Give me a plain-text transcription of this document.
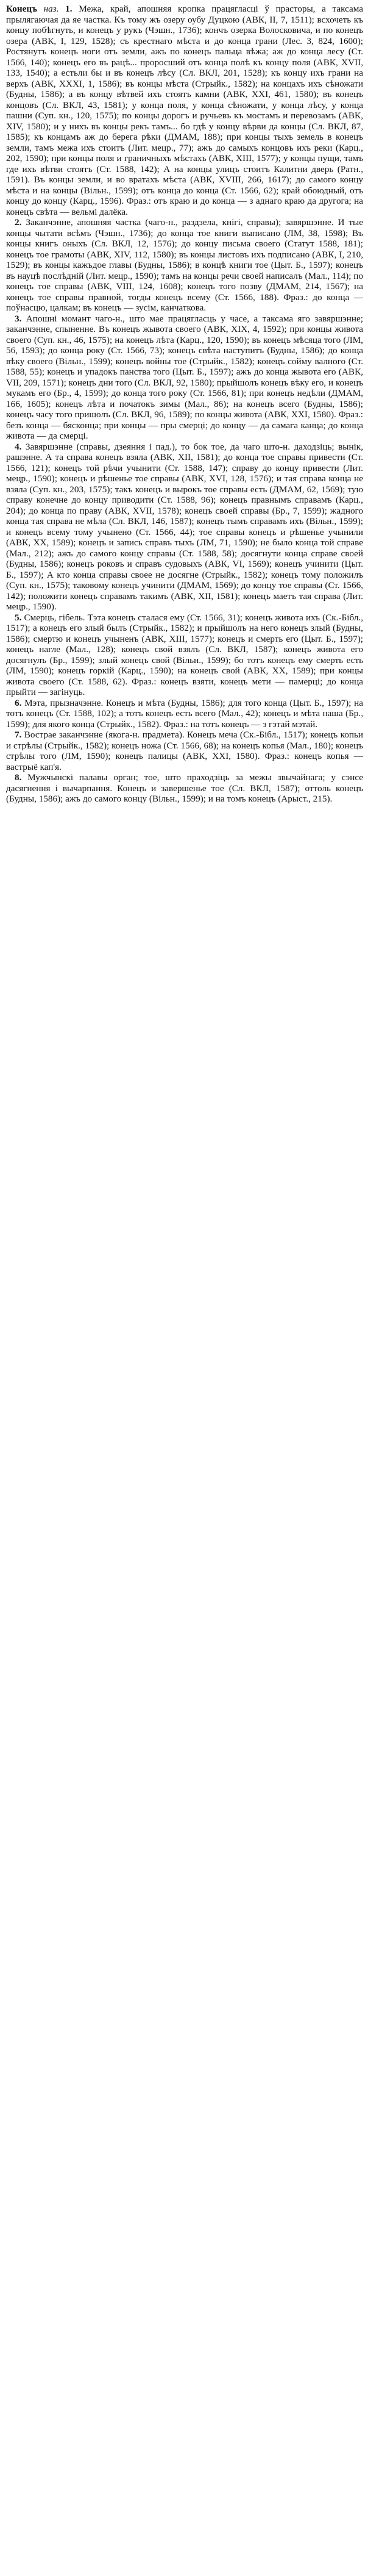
Конецъ наз. 1. Межа, край, апошняя кропка працягласці ў прасторы, а таксама прылягаючая да яе частка. Къ тому жъ озеру оубу Дуцкою (АВК, II, 7, 1511); всхочеть къ концу побѣгнуть, и конецъ у рукъ (Чэшн., 1736); кончъ озерка Волосковича, и по конецъ озера (АВК, I, 129, 1528); съ крестнаго мѣста и до конца грани (Лес. 3, 824, 1600); Ростянутъ конецъ ноги отъ земли, ажъ по конецъ пальца вѣжа; аж до конца лесу (Ст. 1566, 140); конецъ его въ рацѣ... проросший отъ конца полѣ къ концу поля (АВК, XVII, 133, 1540); а естьли бы и въ конецъ лѣсу (Сл. ВКЛ, 201, 1528); къ концу ихъ грани на верхъ (АВК, ХХХI, 1, 1586); въ концы мѣста (Стрыйк., 1582); на концахъ ихъ сѣножати (Будны, 1586); а въ концу вѣтвей ихъ стоятъ камни (АВК, XXI, 461, 1580); въ конецъ концовъ (Сл. ВКЛ, 43, 1581); у конца поля, у конца сѣножати, у конца лѣсу, у конца пашни (Суп. кн., 120, 1575); по концы дорогъ и ручьевъ къ мостамъ и перевозамъ (АВК, XIV, 1580); и у нихъ въ концы рекъ тамъ... бо гдѣ у концу вѣрви да концы (Сл. ВКЛ, 87, 1585); къ концамъ аж до берега рѣки (ДМАМ, 188); при концы тыхъ земель в конецъ земли, тамъ межа ихъ стоитъ (Лит. мецр., 77); ажъ до самыхъ концовъ ихъ реки (Карц., 202, 1590); при концы поля и граничныхъ мѣстахъ (АВК, XIII, 1577); у концы пущи, тамъ где ихъ вѣтви стоятъ (Ст. 1588, 142); А на концы улицъ стоитъ Калитни дверь (Ратн., 1591). Въ концы земли, и во вратахъ мѣста (АВК, XVIII, 266, 1617); до самого концу мѣста и на концы (Вільн., 1599); отъ конца до конца (Ст. 1566, 62); край обоюдный, отъ концу до концу (Карц., 1596). Фраз.: отъ краю и до конца — з аднаго краю да другога; на конецъ свѣта — вельмі далёка.

2. Заканчэнне, апошняя частка (чаго-н., раздзела, кнігі, справы); завяршэнне. И тые концы чытати всѣмъ (Чэшн., 1736); до конца тое книги выписано (ЛМ, 38, 1598); Въ концы книгъ оныхъ (Сл. ВКЛ, 12, 1576); до концу письма своего (Статут 1588, 181); конецъ тое грамоты (АВК, XIV, 112, 1580); въ концы листовъ ихъ подписано (АВК, I, 210, 1529); въ концы кажъдое главы (Будны, 1586); в концѣ книги тое (Цыт. Б., 1597); конецъ въ науцѣ послѣдній (Лит. мецр., 1590); тамъ на концы речи своей написалъ (Мал., 114); по конецъ тое справы (АВК, VIII, 124, 1608); конецъ того позву (ДМАМ, 214, 1567); на конецъ тое справы правной, тогды конецъ всему (Ст. 1566, 188). Фраз.: до конца — поўнасцю, цалкам; въ конецъ — зусім, канчаткова.

3. Апошні момант чаго-н., што мае працягласць у часе, а таксама яго завяршэнне; заканчэнне, спыненне. Въ конецъ жывота своего (АВК, XIX, 4, 1592); при концы живота своего (Суп. кн., 46, 1575); на конецъ лѣта (Карц., 120, 1590); въ конецъ мѣсяца того (ЛМ, 56, 1593); до конца року (Ст. 1566, 73); конецъ свѣта наступитъ (Будны, 1586); до конца вѣку своего (Вільн., 1599); конецъ войны тое (Стрыйк., 1582); конецъ сойму валного (Ст. 1588, 55); конецъ и упадокъ панства того (Цыт. Б., 1597); ажъ до конца жывота его (АВК, VII, 209, 1571); конецъ дни того (Сл. ВКЛ, 92, 1580); прыйшолъ конецъ вѣку его, и конецъ мукамъ его (Бр., 4, 1599); до конца того року (Ст. 1566, 81); при конецъ недѣли (ДМАМ, 166, 1605); конецъ лѣта и початокъ зимы (Мал., 86); на конецъ всего (Будны, 1586); конецъ часу того пришолъ (Сл. ВКЛ, 96, 1589); по концы живота (АВК, XXI, 1580). Фраз.: безъ конца — бясконца; при концы — пры смерці; до концу — да самага канца; до конца живота — да смерці.

4. Завяршэнне (справы, дзеяння і пад.), то бок тое, да чаго што-н. даходзіць; вынік, рашэнне. А та справа конецъ взяла (АВК, XII, 1581); до конца тое справы привести (Ст. 1566, 121); конецъ той рѣчи учынити (Ст. 1588, 147); справу до концу привести (Лит. мецр., 1590); конецъ и рѣшенье тое справы (АВК, XVI, 128, 1576); и тая справа конца не взяла (Суп. кн., 203, 1575); такъ конецъ и вырокъ тое справы есть (ДМАМ, 62, 1569); тую справу конечне до концу приводити (Ст. 1588, 96); конецъ правнымъ справамъ (Карц., 204); до конца по праву (АВК, XVII, 1578); конецъ своей справы (Бр., 7, 1599); жадного конца тая справа не мѣла (Сл. ВКЛ, 146, 1587); конецъ тымъ справамъ ихъ (Вільн., 1599); и конецъ всему тому учынено (Ст. 1566, 44); тое справы конецъ и рѣшенье учынили (АВК, XX, 1589); конецъ и запись справъ тыхъ (ЛМ, 71, 1590); не было конца той справе (Мал., 212); ажъ до самого концу справы (Ст. 1588, 58); досягнути конца справе своей (Будны, 1586); конецъ роковъ и справъ судовыхъ (АВК, VI, 1569); конецъ учинити (Цыт. Б., 1597); А кто конца справы своее не досягне (Стрыйк., 1582); конецъ тому положилъ (Суп. кн., 1575); таковому конецъ учинити (ДМАМ, 1569); до концу тое справы (Ст. 1566, 142); положити конецъ справамъ такимъ (АВК, XII, 1581); конецъ маетъ тая справа (Лит. мецр., 1590).

5. Смерць, гібель. Тэта конецъ сталася ему (Ст. 1566, 31); конецъ живота ихъ (Ск.-Бібл., 1517); а конецъ его злый былъ (Стрыйк., 1582); и прыйшолъ на него конецъ злый (Будны, 1586); смертю и конецъ учыненъ (АВК, XIII, 1577); конецъ и смерть его (Цыт. Б., 1597); конецъ нагле (Мал., 128); конецъ свой взялъ (Сл. ВКЛ, 1587); конецъ живота его досягнулъ (Бр., 1599); злый конецъ свой (Вільн., 1599); бо тотъ конецъ ему смерть есть (ЛМ, 1590); конецъ горкій (Карц., 1590); на конецъ свой (АВК, XX, 1589); при концы живота своего (Ст. 1588, 62). Фраз.: конецъ взяти, конецъ мети — памерці; до конца прыйти — загінуць.

6. Мэта, прызначэнне. Конецъ и мѣта (Будны, 1586); для того конца (Цыт. Б., 1597); на тотъ конецъ (Ст. 1588, 102); а тотъ конецъ есть всего (Мал., 42); конецъ и мѣта наша (Бр., 1599); для якого конца (Стрыйк., 1582). Фраз.: на тотъ конецъ — з гэтай мэтай.

7. Вострае заканчэнне (якога-н. прадмета). Конецъ меча (Ск.-Бібл., 1517); конецъ копьи и стрѣлы (Стрыйк., 1582); конецъ ножа (Ст. 1566, 68); на конецъ копья (Мал., 180); конецъ стрѣлы того (ЛМ, 1590); конецъ палицы (АВК, XXI, 1580). Фраз.: конецъ копья — вастрыё кап'я.

8. Мужчынскі палавы орган; тое, што праходзіць за межы звычайнага; у сэнсе дасягнення і вычарпання. Конецъ и завершенье тое (Сл. ВКЛ, 1587); оттоль конецъ (Будны, 1586); ажъ до самого концу (Вільн., 1599); и на томъ конецъ (Арыст., 215).
